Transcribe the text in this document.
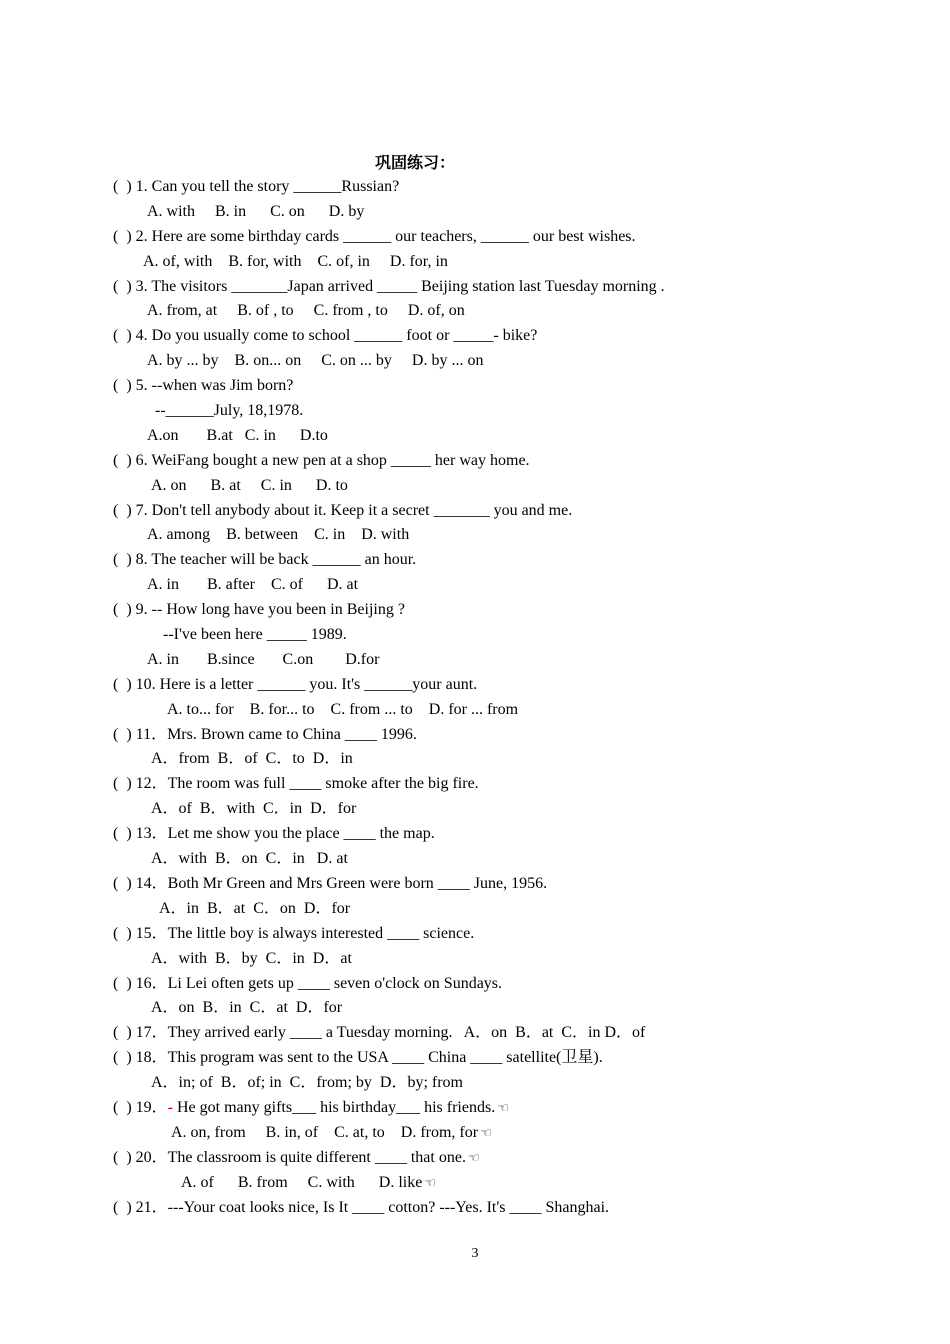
巩固练习：
(  ) 1. Can you tell the story ______Russian?
A. with     B. in      C. on      D. by
(  ) 2. Here are some birthday cards ______ our teachers, ______ our best wishes.
A. of, with    B. for, with    C. of, in     D. for, in
(  ) 3. The visitors _______Japan arrived _____ Beijing station last Tuesday morning .
A. from, at     B. of , to     C. from , to     D. of, on
(  ) 4. Do you usually come to school ______ foot or _____- bike?
A. by ... by    B. on... on     C. on ... by     D. by ... on
(  ) 5. --when was Jim born?
--______July, 18,1978.
A.on       B.at   C. in      D.to
(  ) 6. WeiFang bought a new pen at a shop _____ her way home.
A. on      B. at     C. in      D. to
(  ) 7. Don't tell anybody about it. Keep it a secret _______ you and me.
A. among    B. between    C. in    D. with
(  ) 8. The teacher will be back ______ an hour.
A. in       B. after    C. of      D. at
(  ) 9. -- How long have you been in Beijing ?
--I've been here _____ 1989.
A. in       B.since       C.on        D.for
(  ) 10. Here is a letter ______ you. It's ______your aunt.
A. to... for    B. for... to    C. from ... to    D. for ... from
(  ) 11．Mrs. Brown came to China ____ 1996.
A．from  B．of  C．to  D．in
(  ) 12．The room was full ____ smoke after the big fire.
A．of  B．with  C．in  D．for
(  ) 13．Let me show you the place ____ the map.
A．with  B．on  C．in   D. at
(  ) 14．Both Mr Green and Mrs Green were born ____ June, 1956.
A．in  B．at  C．on  D．for
(  ) 15．The little boy is always interested ____ science.
A．with  B．by  C．in  D．at
(  ) 16．Li Lei often gets up ____ seven o'clock on Sundays.
A．on  B．in  C．at  D．for
(  ) 17．They arrived early ____ a Tuesday morning.   A．on  B．at  C．in D．of
(  ) 18．This program was sent to the USA ____ China ____ satellite(卫星).
A．in; of  B．of; in  C．from; by  D．by; from
(  ) 19．- He got many gifts___ his birthday___ his friends. ☜
A. on, from     B. in, of    C. at, to    D. from, for ☜
(  ) 20．The classroom is quite different ____ that one. ☜
A. of      B. from     C. with      D. like ☜
(  ) 21．---Your coat looks nice, Is It ____ cotton? ---Yes. It's ____ Shanghai.
3
